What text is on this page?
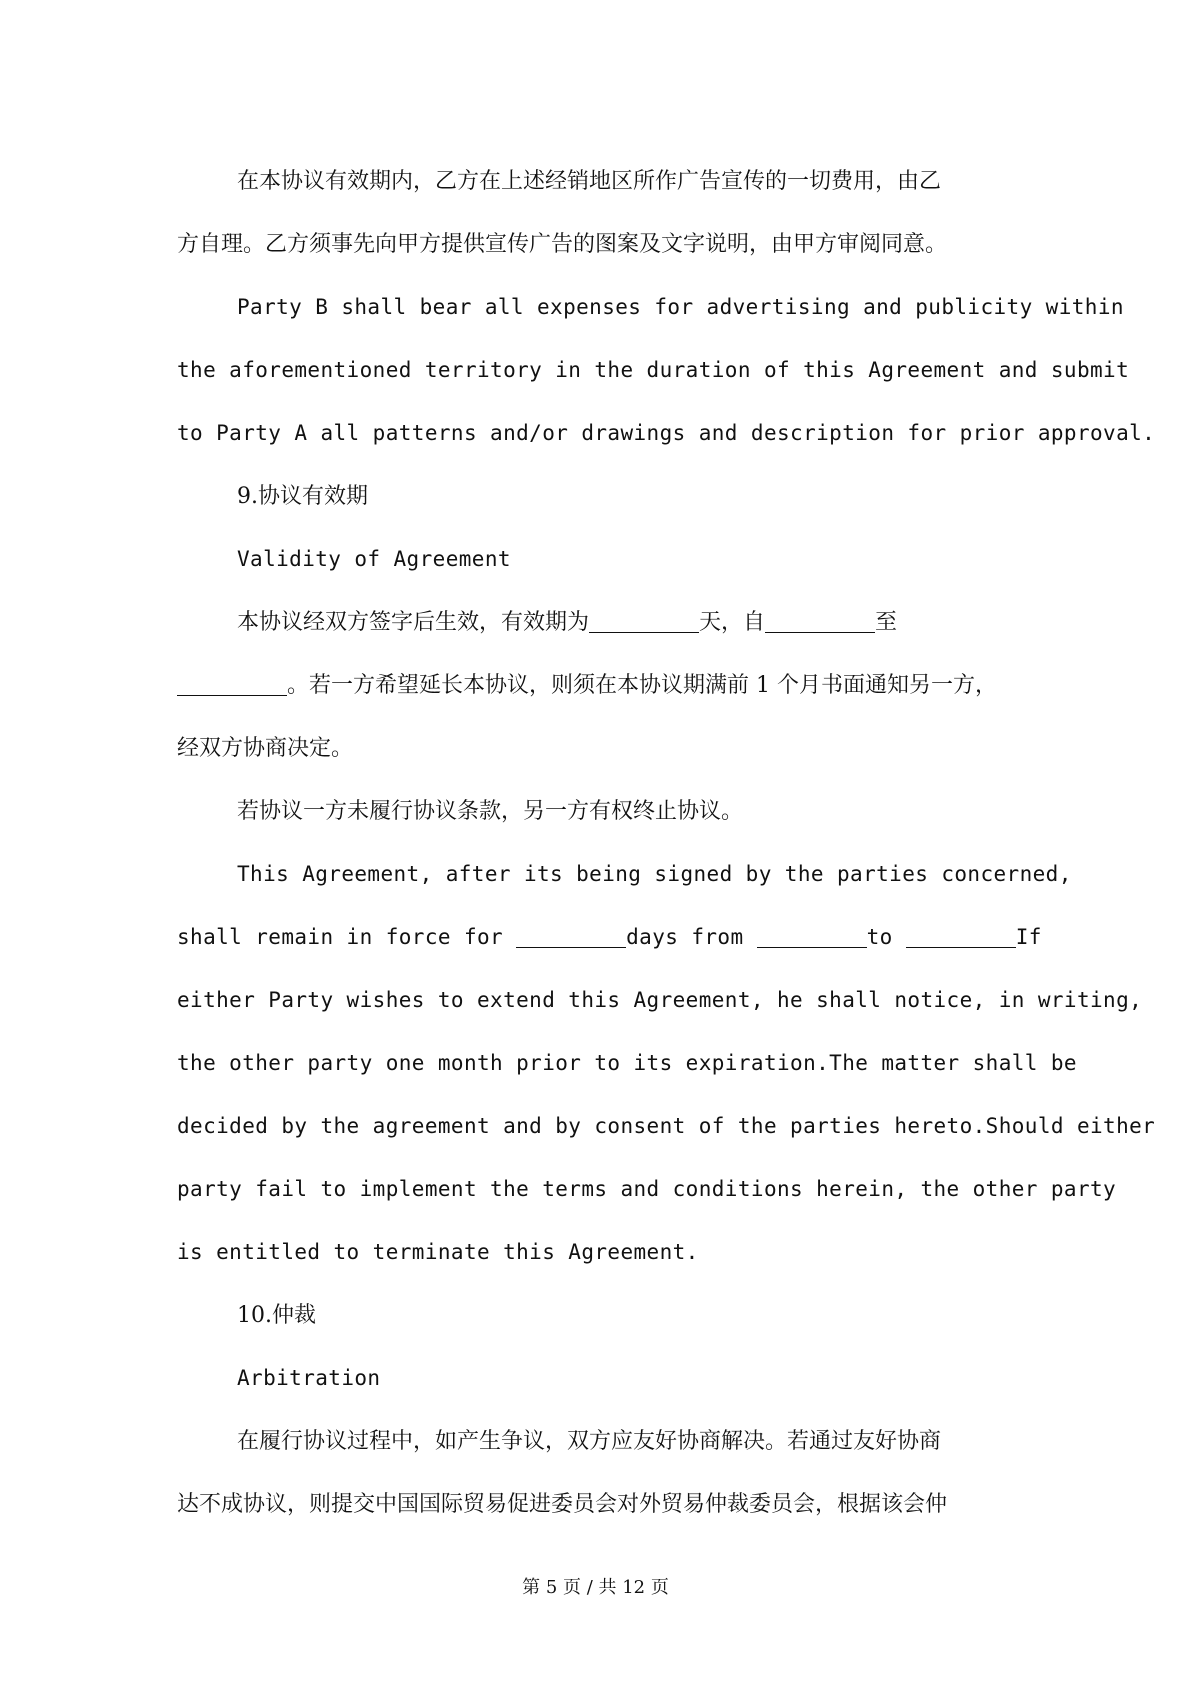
在本协议有效期内，乙方在上述经销地区所作广告宣传的一切费用，由乙
方自理。乙方须事先向甲方提供宣传广告的图案及文字说明，由甲方审阅同意。
Party B shall bear all expenses for advertising and publicity within
the aforementioned territory in the duration of this Agreement and submit
to Party A all patterns and/or drawings and description for prior approval.
9.协议有效期
Validity of Agreement
本协议经双方签字后生效，有效期为	天，自	至
。若一方希望延长本协议，则须在本协议期满前 1 个月书面通知另一方，
经双方协商决定。
若协议一方未履行协议条款，另一方有权终止协议。
This Agreement, after its being signed by the parties concerned,
shall remain in force for	days from	to	If
either Party wishes to extend this Agreement, he shall notice, in writing,
the other party one month prior to its expiration.The matter shall be
decided by the agreement and by consent of the parties hereto.Should either
party fail to implement the terms and conditions herein, the other party
is entitled to terminate this Agreement.
10.仲裁
Arbitration
在履行协议过程中，如产生争议，双方应友好协商解决。若通过友好协商
达不成协议，则提交中国国际贸易促进委员会对外贸易仲裁委员会，根据该会仲
第 5 页 / 共 12 页
